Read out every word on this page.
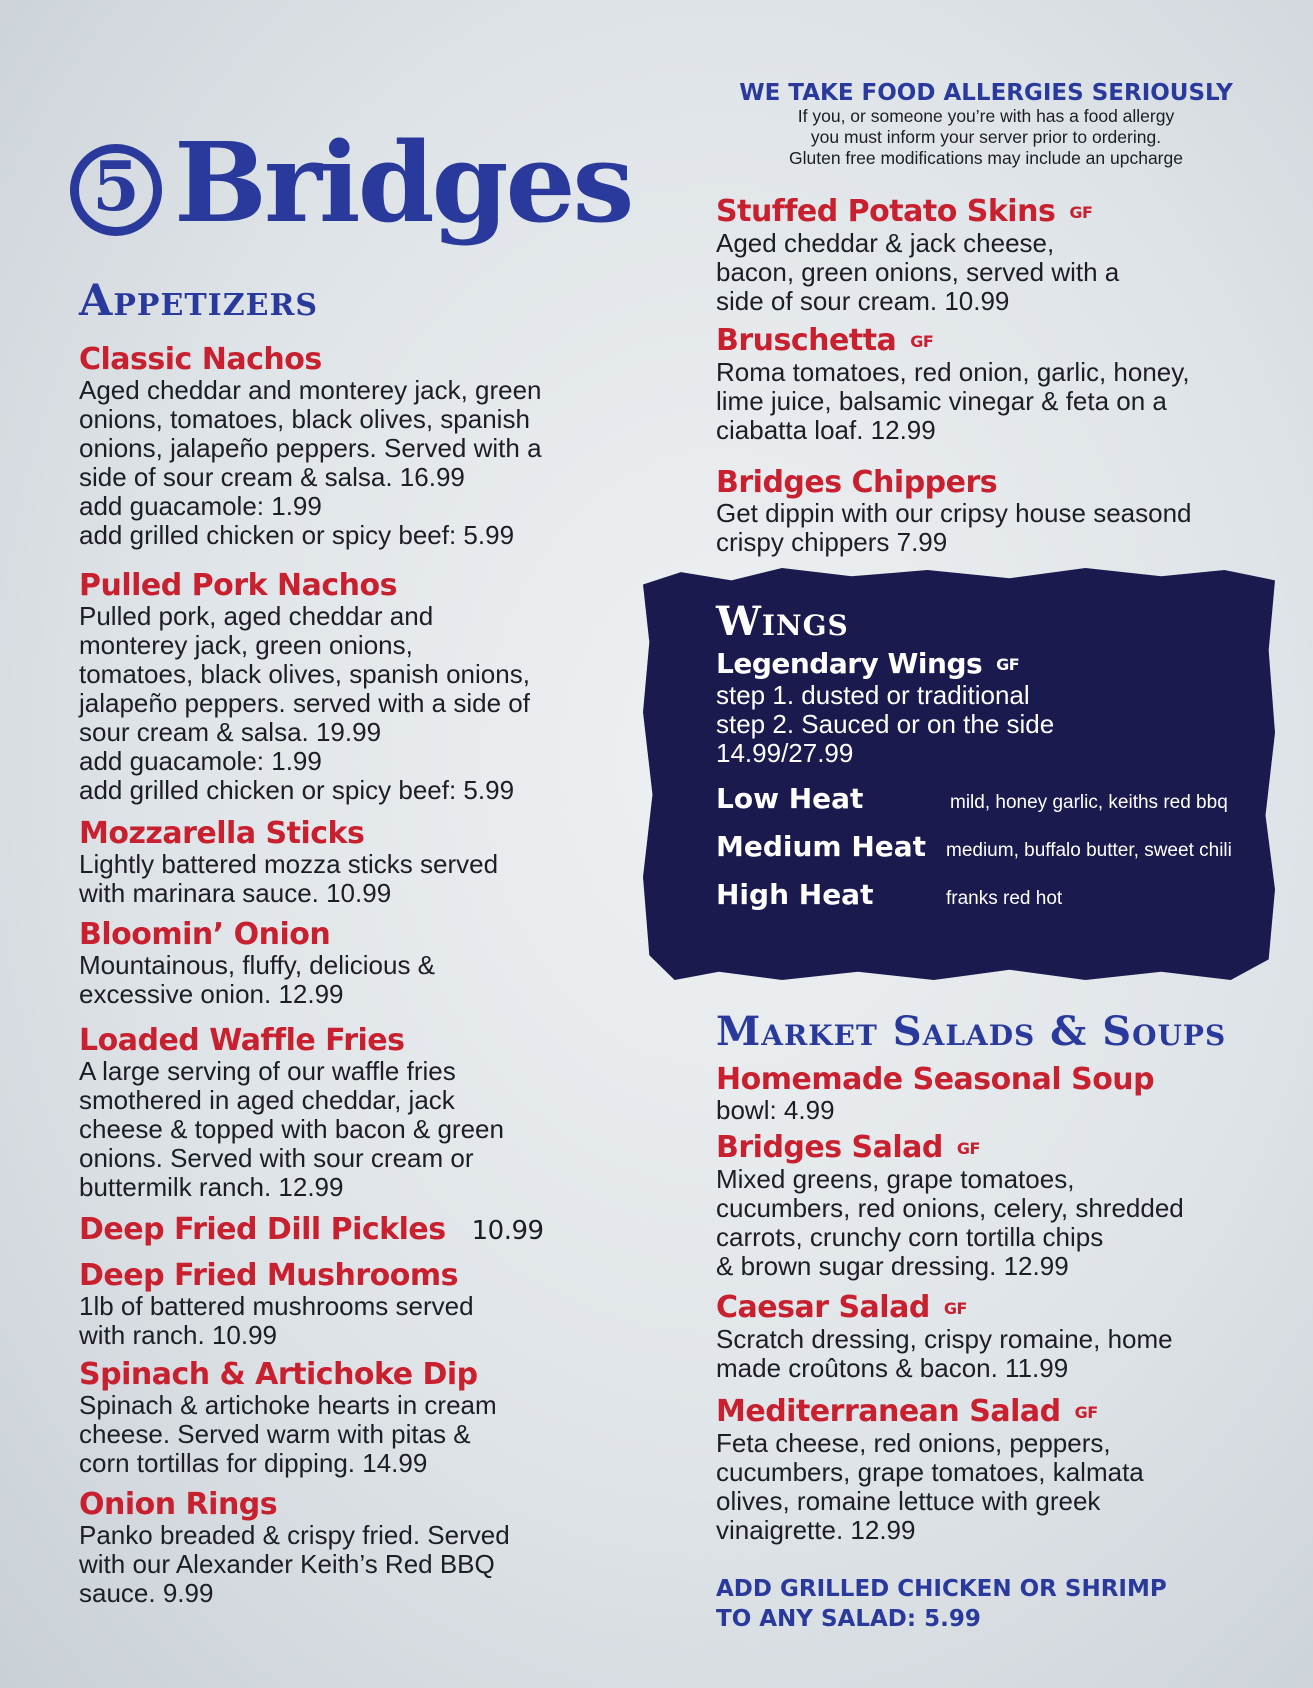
5 Bridges
Appetizers

WE TAKE FOOD ALLERGIES SERIOUSLY

If you, or someone you’re with has a food allergy

you must inform your server prior to ordering.

Gluten free modifications may include an upcharge

Wings

Legendary Wings GF

step 1. dusted or traditional
step 2. Sauced or on the side
14.99/27.99

Low Heat	mild, honey garlic, keiths red bbq
Medium Heat medium, buffalo butter, sweet chili
High Heat	franks red hot
Market Salads & Soups
ADD GRILLED CHICKEN OR SHRIMP
TO ANY SALAD: 5.99

Classic Nachos

Aged cheddar and monterey jack, green
onions, tomatoes, black olives, spanish
onions, jalapeño peppers. Served with a
side of sour cream & salsa. 16.99
add guacamole: 1.99
add grilled chicken or spicy beef: 5.99

Pulled Pork Nachos

Pulled pork, aged cheddar and
monterey jack, green onions,
tomatoes, black olives, spanish onions,
jalapeño peppers. served with a side of
sour cream & salsa. 19.99
add guacamole: 1.99
add grilled chicken or spicy beef: 5.99

Mozzarella Sticks

Lightly battered mozza sticks served
with marinara sauce. 10.99

Bloomin’ Onion

Mountainous, fluffy, delicious &
excessive onion. 12.99

Loaded Waffle Fries

A large serving of our waffle fries
smothered in aged cheddar, jack
cheese & topped with bacon & green
onions. Served with sour cream or
buttermilk ranch. 12.99

Deep Fried Dill Pickles 10.99

Deep Fried Mushrooms

1lb of battered mushrooms served
with ranch. 10.99

Spinach & Artichoke Dip

Spinach & artichoke hearts in cream
cheese. Served warm with pitas &
corn tortillas for dipping. 14.99

Onion Rings

Panko breaded & crispy fried. Served
with our Alexander Keith’s Red BBQ
sauce. 9.99

Stuffed Potato Skins GF

Aged cheddar & jack cheese,
bacon, green onions, served with a
side of sour cream. 10.99

Bruschetta GF

Roma tomatoes, red onion, garlic, honey,
lime juice, balsamic vinegar & feta on a
ciabatta loaf. 12.99

Bridges Chippers

Get dippin with our cripsy house seasond
crispy chippers 7.99

Homemade Seasonal Soup

bowl: 4.99

Bridges Salad GF

Mixed greens, grape tomatoes,
cucumbers, red onions, celery, shredded
carrots, crunchy corn tortilla chips
& brown sugar dressing. 12.99

Caesar Salad GF

Scratch dressing, crispy romaine, home
made croûtons & bacon. 11.99

Mediterranean Salad GF

Feta cheese, red onions, peppers,
cucumbers, grape tomatoes, kalmata
olives, romaine lettuce with greek
vinaigrette. 12.99
